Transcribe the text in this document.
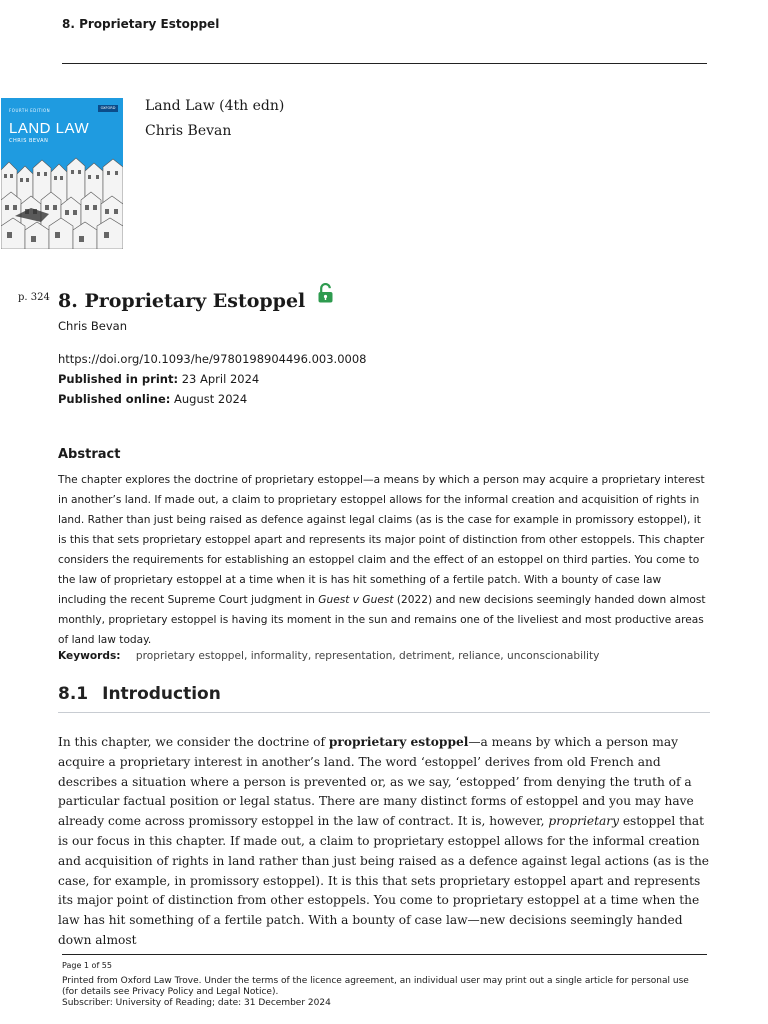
8. Proprietary Estoppel
FOURTH EDITION	OXFORD
LAND LAW
CHRIS BEVAN
Land Law (4th edn)
Chris Bevan
p. 324 8. Proprietary Estoppel
Chris Bevan
https://doi.org/10.1093/he/9780198904496.003.0008
Published in print: 23 April 2024
Published online: August 2024
Abstract
The chapter explores the doctrine of proprietary estoppel—a means by which a person may acquire a proprietary interest in another’s land. If made out, a claim to proprietary estoppel allows for the informal creation and acquisition of rights in land. Rather than just being raised as defence against legal claims (as is the case for example in promissory estoppel), it is this that sets proprietary estoppel apart and represents its major point of distinction from other estoppels. This chapter considers the requirements for establishing an estoppel claim and the effect of an estoppel on third parties. You come to the law of proprietary estoppel at a time when it is has hit something of a fertile patch. With a bounty of case law including the recent Supreme Court judgment in Guest v Guest (2022) and new decisions seemingly handed down almost monthly, proprietary estoppel is having its moment in the sun and remains one of the liveliest and most productive areas of land law today.
Keywords: proprietary estoppel, informality, representation, detriment, reliance, unconscionability
8.1 Introduction
In this chapter, we consider the doctrine of proprietary estoppel—a means by which a person may acquire a proprietary interest in another’s land. The word ‘estoppel’ derives from old French and describes a situation where a person is prevented or, as we say, ‘estopped’ from denying the truth of a particular factual position or legal status. There are many distinct forms of estoppel and you may have already come across promissory estoppel in the law of contract. It is, however, proprietary estoppel that is our focus in this chapter. If made out, a claim to proprietary estoppel allows for the informal creation and acquisition of rights in land rather than just being raised as a defence against legal actions (as is the case, for example, in promissory estoppel). It is this that sets proprietary estoppel apart and represents its major point of distinction from other estoppels. You come to proprietary estoppel at a time when the law has hit something of a fertile patch. With a bounty of case law—new decisions seemingly handed down almost
Page 1 of 55
Printed from Oxford Law Trove. Under the terms of the licence agreement, an individual user may print out a single article for personal use (for details see Privacy Policy and Legal Notice).
Subscriber: University of Reading; date: 31 December 2024
